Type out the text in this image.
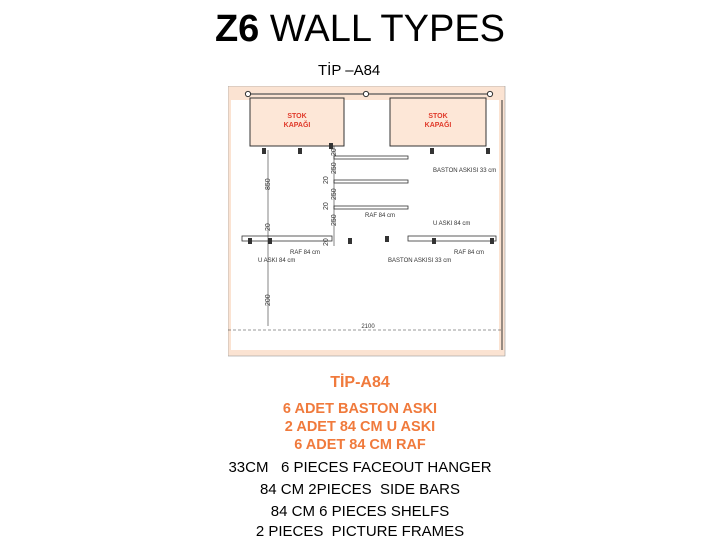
Z6 WALL TYPES
TİP –A84
STOK
KAPAĞI
STOK
KAPAĞI
BASTON ASKISI 33 cm
RAF 84 cm
U ASKI 84 cm
RAF 84 cm
U ASKI 84 cm	BASTON ASKISI 33 cm
RAF 84 cm
850
20
20
250
20
250
20
250
20
200
2100
TİP-A84
6 ADET BASTON ASKI
2 ADET 84 CM U ASKI
6 ADET 84 CM RAF
33CM   6 PIECES FACEOUT HANGER
84 CM 2PIECES  SIDE BARS
84 CM 6 PIECES SHELFS
2 PIECES  PICTURE FRAMES
